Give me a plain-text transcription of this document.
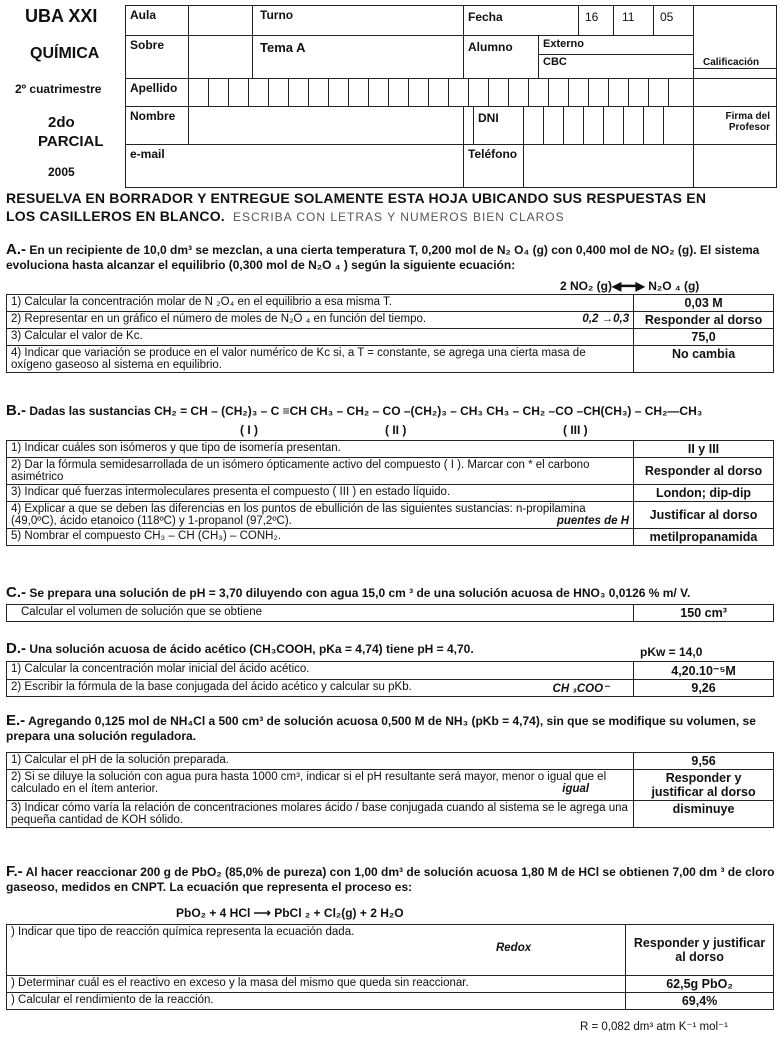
UBA XXI
QUÍMICA
2º cuatrimestre
2do
PARCIAL
2005
Aula	Turno	Fecha	16 11 05
Sobre	Tema A	Alumno	Externo
CBC	Calificación
Apellido
Nombre	DNI	Firma del Profesor
e-mail	Teléfono
RESUELVA EN BORRADOR Y ENTREGUE SOLAMENTE ESTA HOJA UBICANDO SUS RESPUESTAS EN
LOS CASILLEROS EN BLANCO. ESCRIBA CON LETRAS Y NUMEROS BIEN CLAROS
A.- En un recipiente de 10,0 dm³ se mezclan, a una cierta temperatura T, 0,200 mol de N₂ O₄ (g) con 0,400 mol de NO₂ (g). El sistema evoluciona hasta alcanzar el equilibrio (0,300 mol de N₂O ₄ ) según la siguiente ecuación:
2 NO₂ (g)◀━━▶ N₂O ₄ (g)
1) Calcular la concentración molar de N ₂O₄ en el equilibrio a esa misma T.	0,03 M
2) Representar en un gráfico el número de moles de N₂O ₄ en función del tiempo. 0,2 →0,3	Responder al dorso
3) Calcular el valor de Kc.	75,0
4) Indicar que variación se produce en el valor numérico de Kc si, a T = constante, se agrega una cierta masa de oxígeno gaseoso al sistema en equilibrio.	No cambia
B.- Dadas las sustancias CH₂ = CH – (CH₂)₃ – C ≡CH CH₃ – CH₂ – CO –(CH₂)₃ – CH₃ CH₃ – CH₂ –CO –CH(CH₃) – CH₂—CH₃
( I )	( II )	( III )
1) Indicar cuáles son isómeros y que tipo de isomería presentan.	II y III
2) Dar la fórmula semidesarrollada de un isómero ópticamente activo del compuesto ( I ). Marcar con * el carbono asimétrico	Responder al dorso
3) Indicar qué fuerzas intermoleculares presenta el compuesto ( III ) en estado líquido.	London; dip-dip
4) Explicar a que se deben las diferencias en los puntos de ebullición de las siguientes sustancias: n-propilamina (49,0ºC), ácido etanoico (118ºC) y 1-propanol (97,2ºC). puentes de H	Justificar al dorso
5) Nombrar el compuesto CH₃ – CH (CH₃) – CONH₂.	metilpropanamida
C.- Se prepara una solución de pH = 3,70 diluyendo con agua 15,0 cm ³ de una solución acuosa de HNO₃ 0,0126 % m/ V.
Calcular el volumen de solución que se obtiene	150 cm³
D.- Una solución acuosa de ácido acético (CH₃COOH, pKa = 4,74) tiene pH = 4,70.	pKw = 14,0
1) Calcular la concentración molar inicial del ácido acético.	4,20.10⁻⁵M
2) Escribir la fórmula de la base conjugada del ácido acético y calcular su pKb. CH ₃COO⁻	9,26
E.- Agregando 0,125 mol de NH₄Cl a 500 cm³ de solución acuosa 0,500 M de NH₃ (pKb = 4,74), sin que se modifique su volumen, se prepara una solución reguladora.
1) Calcular el pH de la solución preparada.	9,56
2) Si se diluye la solución con agua pura hasta 1000 cm³, indicar si el pH resultante será mayor, menor o igual que el calculado en el ítem anterior. igual	Responder y justificar al dorso
3) Indicar cómo varía la relación de concentraciones molares ácido / base conjugada cuando al sistema se le agrega una pequeña cantidad de KOH sólido.	disminuye
F.- Al hacer reaccionar 200 g de PbO₂ (85,0% de pureza) con 1,00 dm³ de solución acuosa 1,80 M de HCl se obtienen 7,00 dm ³ de cloro gaseoso, medidos en CNPT. La ecuación que representa el proceso es:
PbO₂ + 4 HCl ⟶ PbCl ₂ + Cl₂(g) + 2 H₂O
) Indicar que tipo de reacción química representa la ecuación dada.

Redox	Responder y justificar al dorso
) Determinar cuál es el reactivo en exceso y la masa del mismo que queda sin reaccionar.	62,5g PbO₂
) Calcular el rendimiento de la reacción.	69,4%
R = 0,082 dm³ atm K⁻¹ mol⁻¹
